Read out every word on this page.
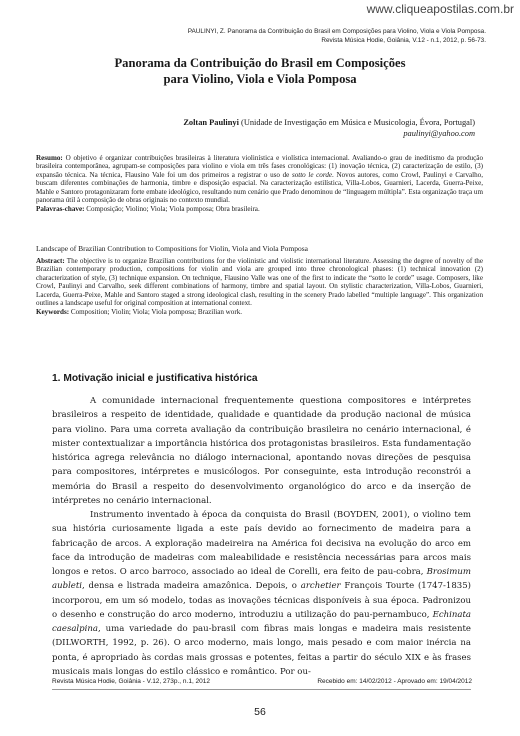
www.cliqueapostilas.com.br
PAULINYI, Z. Panorama da Contribuição do Brasil em Composições para Violino, Viola e Viola Pomposa.
Revista Música Hodie, Goiânia, V.12 - n.1, 2012, p. 56-73.
Panorama da Contribuição do Brasil em Composições
para Violino, Viola e Viola Pomposa
Zoltan Paulinyi (Unidade de Investigação em Música e Musicologia, Évora, Portugal)
paulinyi@yahoo.com
Resumo: O objetivo é organizar contribuições brasileiras à literatura violinística e violística internacional. Avaliando-o grau de ineditismo da produção brasileira contemporânea, agrupam-se composições para violino e viola em três fases cronológicas: (1) inovação técnica, (2) caracterização de estilo, (3) expansão técnica. Na técnica, Flausino Vale foi um dos primeiros a registrar o uso de sotto le corde. Novos autores, como Crowl, Paulinyi e Carvalho, buscam diferentes combinações de harmonia, timbre e disposição espacial. Na caracterização estilística, Villa-Lobos, Guarnieri, Lacerda, Guerra-Peixe, Mahle e Santoro protagonizaram forte embate ideológico, resultando num cenário que Prado denominou de “linguagem múltipla”. Esta organização traça um panorama útil à composição de obras originais no contexto mundial.
Palavras-chave: Composição; Violino; Viola; Viola pomposa; Obra brasileira.
Landscape of Brazilian Contribution to Compositions for Violin, Viola and Viola Pomposa
Abstract: The objective is to organize Brazilian contributions for the violinistic and violistic international literature. Assessing the degree of novelty of the Brazilian contemporary production, compositions for violin and viola are grouped into three chronological phases: (1) technical innovation (2) characterization of style, (3) technique expansion. On technique, Flausino Valle was one of the first to indicate the “sotto le corde” usage. Composers, like Crowl, Paulinyi and Carvalho, seek different combinations of harmony, timbre and spatial layout. On stylistic characterization, Villa-Lobos, Guarnieri, Lacerda, Guerra-Peixe, Mahle and Santoro staged a strong ideological clash, resulting in the scenery Prado labelled “multiple language”. This organization outlines a landscape useful for original composition at international context.
Keywords: Composition; Violin; Viola; Viola pomposa; Brazilian work.
1. Motivação inicial e justificativa histórica

A comunidade internacional frequentemente questiona compositores e intérpretes brasileiros a respeito de identidade, qualidade e quantidade da produção nacional de música para violino. Para uma correta avaliação da contribuição brasileira no cenário internacional, é mister contextualizar a importância histórica dos protagonistas brasileiros. Esta fundamentação histórica agrega relevância no diálogo internacional, apontando novas direções de pesquisa para compositores, intérpretes e musicólogos. Por conseguinte, esta introdução reconstrói a memória do Brasil a respeito do desenvolvimento organológico do arco e da inserção de intérpretes no cenário internacional.

Instrumento inventado à época da conquista do Brasil (BOYDEN, 2001), o violino tem sua história curiosamente ligada a este país devido ao fornecimento de madeira para a fabricação de arcos. A exploração madeireira na América foi decisiva na evolução do arco em face da introdução de madeiras com maleabilidade e resistência necessárias para arcos mais longos e retos. O arco barroco, associado ao ideal de Corelli, era feito de pau-cobra, Brosimum aubleti, densa e listrada madeira amazônica. Depois, o archetier François Tourte (1747-1835) incorporou, em um só modelo, todas as inovações técnicas disponíveis à sua época. Padronizou o desenho e construção do arco moderno, introduziu a utilização do pau-pernambuco, Echinata caesalpina, uma variedade do pau-brasil com fibras mais longas e madeira mais resistente (DILWORTH, 1992, p. 26). O arco moderno, mais longo, mais pesado e com maior inércia na ponta, é apropriado às cordas mais grossas e potentes, feitas a partir do século XIX e às frases musicais mais longas do estilo clássico e romântico. Por ou-

Revista Música Hodie, Goiânia - V.12, 273p., n.1, 2012	Recebido em: 14/02/2012 - Aprovado em: 19/04/2012
56
